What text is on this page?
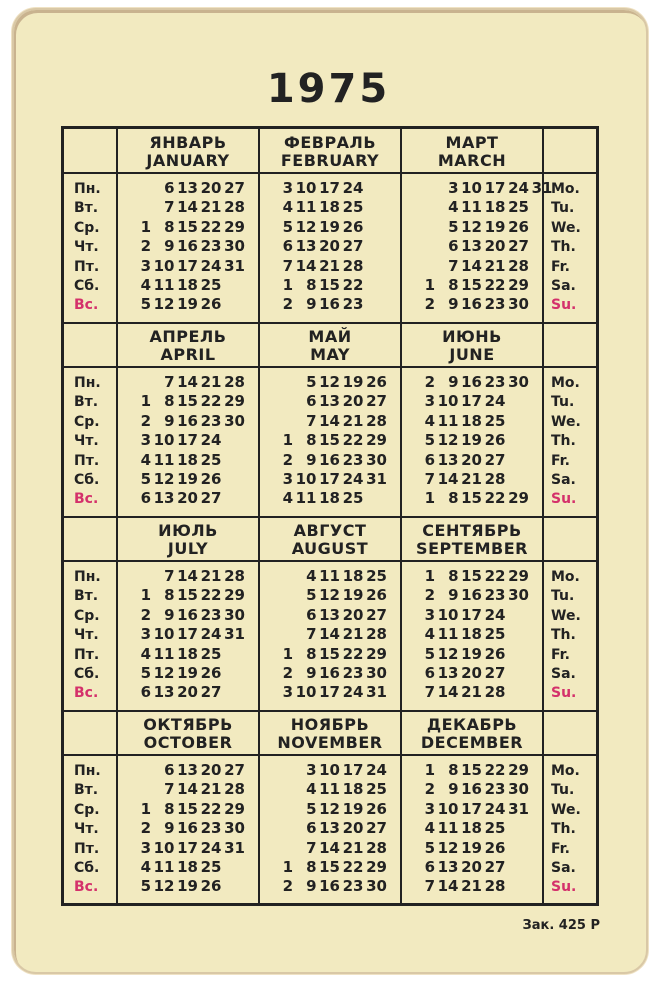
1975
Пн.
Вт.
Ср.
Чт.
Пт.
Сб.
Вс.
Mo.
Tu.
We.
Th.
Fr.
Sa.
Su.
ЯНВАРЬ
JANUARY
6 13 20 27
7 14 21 28
1 8 15 22 29
2 9 16 23 30
3 10 17 24 31
4 11 18 25
5 12 19 26
ФЕВРАЛЬ
FEBRUARY
3 10 17 24
4 11 18 25
5 12 19 26
6 13 20 27
7 14 21 28
1 8 15 22
2 9 16 23
МАРТ
MARCH
3 10 17 24 31
4 11 18 25
5 12 19 26
6 13 20 27
7 14 21 28
1 8 15 22 29
2 9 16 23 30
Пн.
Вт.
Ср.
Чт.
Пт.
Сб.
Вс.
Mo.
Tu.
We.
Th.
Fr.
Sa.
Su.
АПРЕЛЬ
APRIL
7 14 21 28
1 8 15 22 29
2 9 16 23 30
3 10 17 24
4 11 18 25
5 12 19 26
6 13 20 27
МАЙ
MAY
5 12 19 26
6 13 20 27
7 14 21 28
1 8 15 22 29
2 9 16 23 30
3 10 17 24 31
4 11 18 25
ИЮНЬ
JUNE
2 9 16 23 30
3 10 17 24
4 11 18 25
5 12 19 26
6 13 20 27
7 14 21 28
1 8 15 22 29
Пн.
Вт.
Ср.
Чт.
Пт.
Сб.
Вс.
Mo.
Tu.
We.
Th.
Fr.
Sa.
Su.
ИЮЛЬ
JULY
7 14 21 28
1 8 15 22 29
2 9 16 23 30
3 10 17 24 31
4 11 18 25
5 12 19 26
6 13 20 27
АВГУСТ
AUGUST
4 11 18 25
5 12 19 26
6 13 20 27
7 14 21 28
1 8 15 22 29
2 9 16 23 30
3 10 17 24 31
СЕНТЯБРЬ
SEPTEMBER
1 8 15 22 29
2 9 16 23 30
3 10 17 24
4 11 18 25
5 12 19 26
6 13 20 27
7 14 21 28
Пн.
Вт.
Ср.
Чт.
Пт.
Сб.
Вс.
Mo.
Tu.
We.
Th.
Fr.
Sa.
Su.
ОКТЯБРЬ
OCTOBER
6 13 20 27
7 14 21 28
1 8 15 22 29
2 9 16 23 30
3 10 17 24 31
4 11 18 25
5 12 19 26
НОЯБРЬ
NOVEMBER
3 10 17 24
4 11 18 25
5 12 19 26
6 13 20 27
7 14 21 28
1 8 15 22 29
2 9 16 23 30
ДЕКАБРЬ
DECEMBER
1 8 15 22 29
2 9 16 23 30
3 10 17 24 31
4 11 18 25
5 12 19 26
6 13 20 27
7 14 21 28
Зак. 425 Р
